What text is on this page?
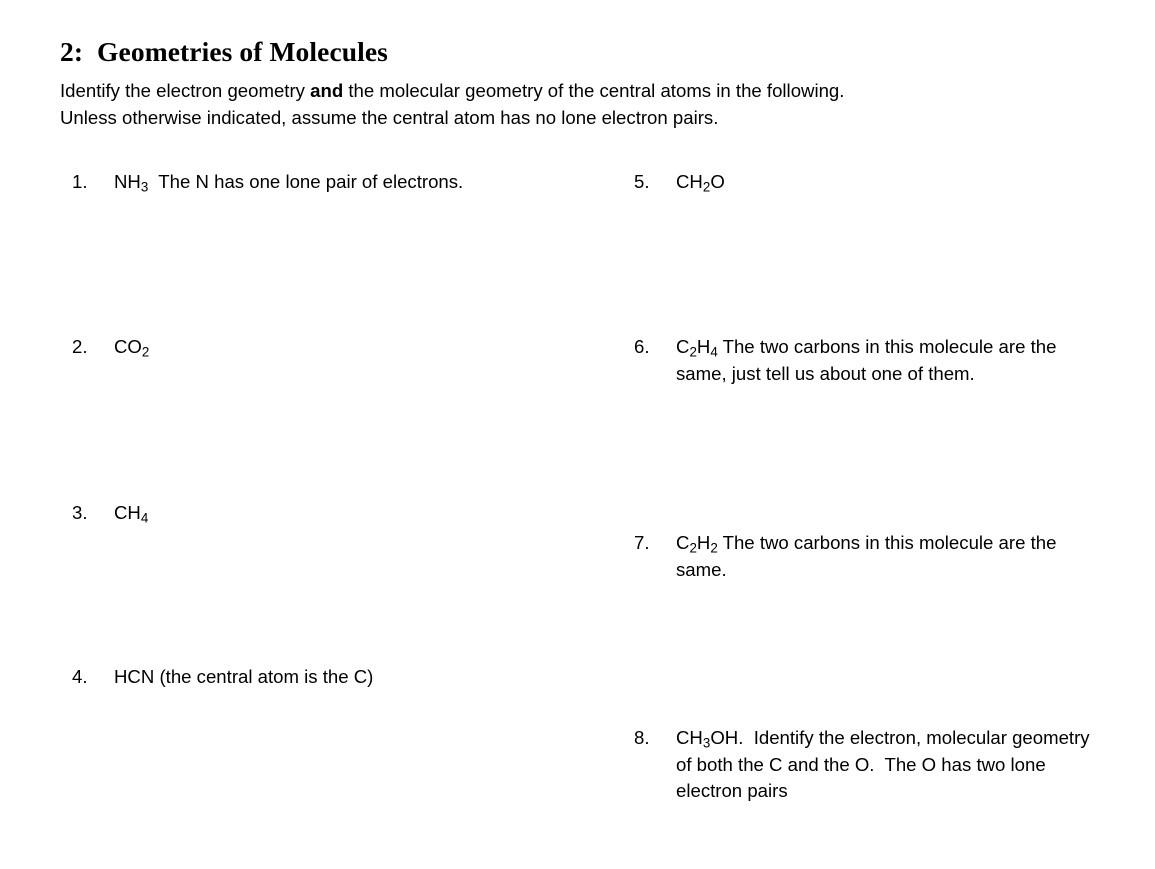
2:  Geometries of Molecules
Identify the electron geometry and the molecular geometry of the central atoms in the following.
Unless otherwise indicated, assume the central atom has no lone electron pairs.
1.	$NH_3$  The N has one lone pair of electrons.
2.	$CO_2$
3.	$CH_4$
4.	HCN (the central atom is the C)
5.	$CH_2O$
6.	$C_2H_4$ The two carbons in this molecule are the same, just tell us about one of them.
7.	$C_2H_2$ The two carbons in this molecule are the same.
8.	$CH_3OH$.  Identify the electron, molecular geometry of both the C and the O.  The O has two lone electron pairs
